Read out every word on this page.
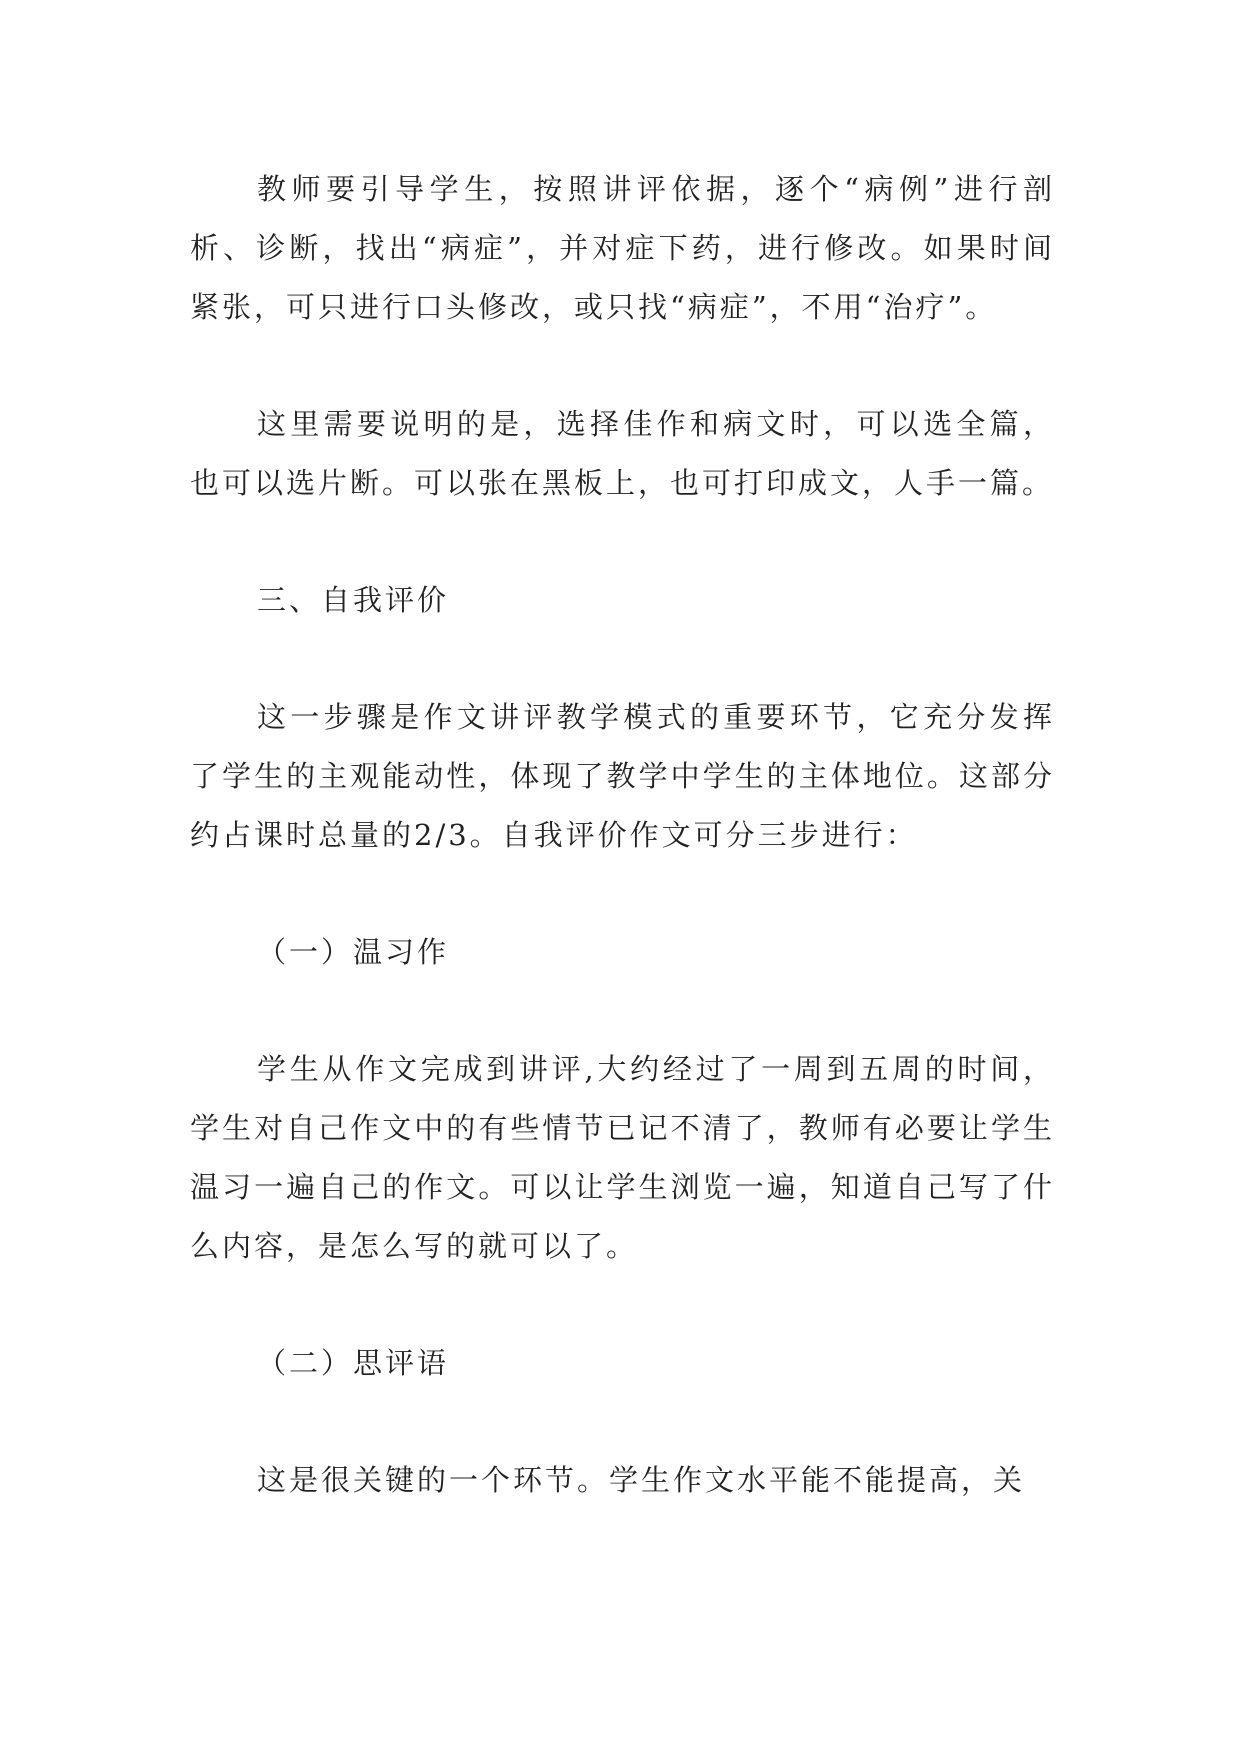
教师要引导学生，按照讲评依据，逐个“病例”进行剖析、诊断，找出“病症”，并对症下药，进行修改。如果时间紧张，可只进行口头修改，或只找“病症”，不用“治疗”。

这里需要说明的是，选择佳作和病文时，可以选全篇，也可以选片断。可以张在黑板上，也可打印成文，人手一篇。

三、自我评价

这一步骤是作文讲评教学模式的重要环节，它充分发挥了学生的主观能动性，体现了教学中学生的主体地位。这部分约占课时总量的2/3。自我评价作文可分三步进行：

（一）温习作

学生从作文完成到讲评,大约经过了一周到五周的时间，学生对自己作文中的有些情节已记不清了，教师有必要让学生温习一遍自己的作文。可以让学生浏览一遍，知道自己写了什么内容，是怎么写的就可以了。

（二）思评语

这是很关键的一个环节。学生作文水平能不能提高，关
